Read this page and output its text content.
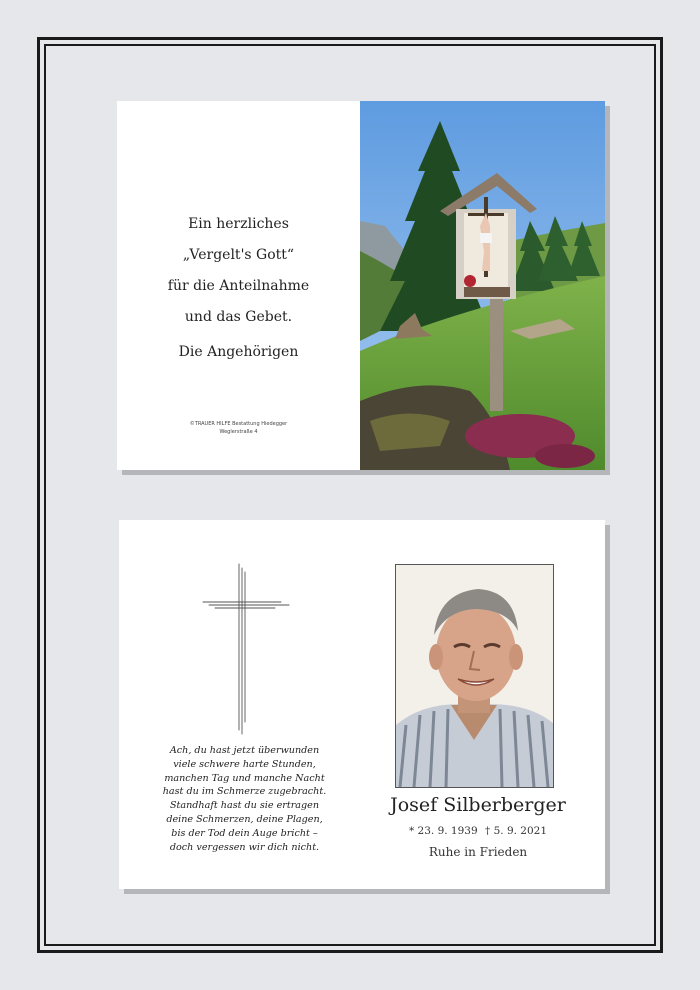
Ein herzliches
„Vergelt's Gott“
für die Anteilnahme
und das Gebet.
Die Angehörigen
©TRAUER HILFE Bestattung Hiedegger
Weglerstraße 4
Ach, du hast jetzt überwunden
viele schwere harte Stunden,
manchen Tag und manche Nacht
hast du im Schmerze zugebracht.
Standhaft hast du sie ertragen
deine Schmerzen, deine Plagen,
bis der Tod dein Auge bricht –
doch vergessen wir dich nicht.
Josef Silberberger
* 23. 9. 1939 † 5. 9. 2021
Ruhe in Frieden
